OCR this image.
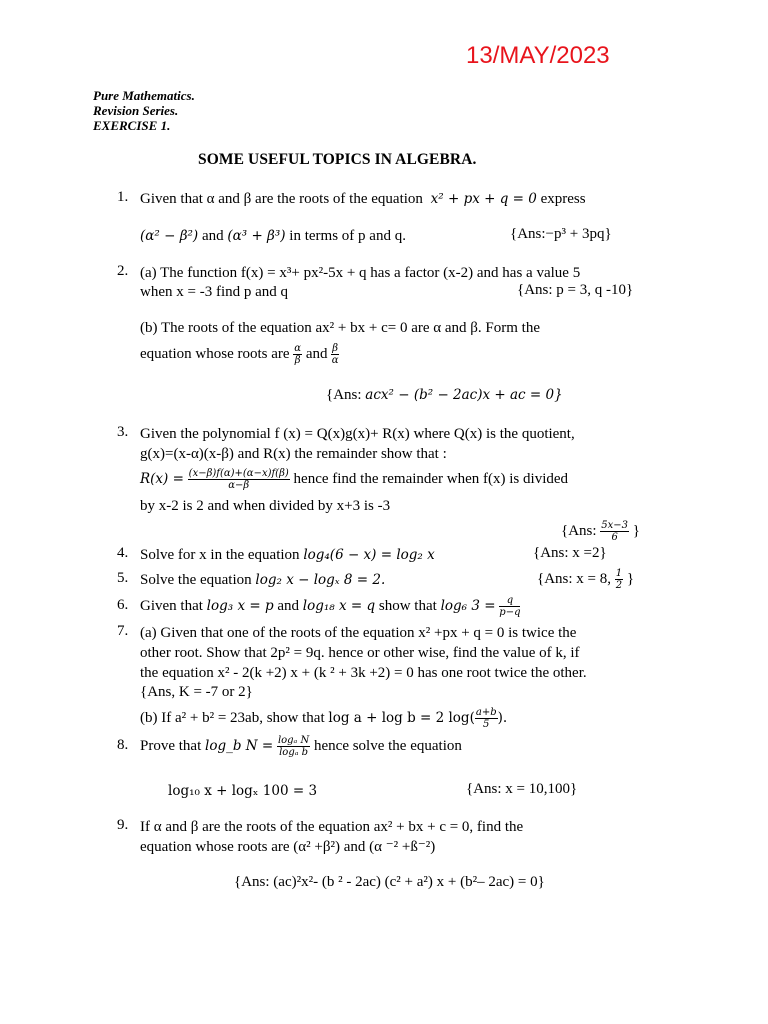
13/MAY/2023
Pure Mathematics.
Revision Series.
EXERCISE 1.
SOME USEFUL TOPICS IN ALGEBRA.
1. Given that α and β are the roots of the equation x² + px + q = 0 express
(α² − β²) and (α³ + β³) in terms of p and q.	{Ans:−p³ + 3pq}
2. (a) The function f(x) = x³+ px²-5x + q has a factor (x-2) and has a value 5
when x = -3 find p and q	{Ans: p = 3, q -10}
(b) The roots of the equation ax² + bx + c= 0 are α and β. Form the
equation whose roots are $\frac{\alpha}{\beta}$ and $\frac{\beta}{\alpha}$
{Ans: acx² − (b² − 2ac)x + ac = 0}
3. Given the polynomial f (x) = Q(x)g(x)+ R(x) where Q(x) is the quotient,
g(x)=(x-α)(x-β) and R(x) the remainder show that :
$R(x) = \frac{(x-\beta)f(\alpha)+(\alpha-x)f(\beta)}{\alpha-\beta}$ hence find the remainder when f(x) is divided
by x-2 is 2 and when divided by x+3 is -3
{Ans: $\frac{5x-3}{6}$ }
4. Solve for x in the equation log₄(6 − x) = log₂ x	{Ans: x =2}
5. Solve the equation log₂ x − logₓ 8 = 2.	{Ans: x = 8, $\frac{1}{2}$ }
6. Given that log₃ x = p and log₁₈ x = q show that log₆ $3 = \frac{q}{p-q}$
7. (a) Given that one of the roots of the equation x² +px + q = 0 is twice the
other root. Show that 2p² = 9q. hence or other wise, find the value of k, if
the equation x² - 2(k +2) x + (k ² + 3k +2) = 0 has one root twice the other.
{Ans, K = -7 or 2}
(b) If a² + b² = 23ab, show that log a + log b = 2 $\log( \frac{a+b}{5}$ ).
8. Prove that log_b $N = \frac{\text{logₐ N}}{\text{logₐ b}}$ hence solve the equation
log₁₀ x + logₓ 100 = 3	{Ans: x = 10,100}
9. If α and β are the roots of the equation ax² + bx + c = 0, find the
equation whose roots are (α² +β²) and (α ⁻² +ß⁻²)
{Ans: (ac)²x²- (b ² - 2ac) (c² + a²) x + (b²– 2ac) = 0}
